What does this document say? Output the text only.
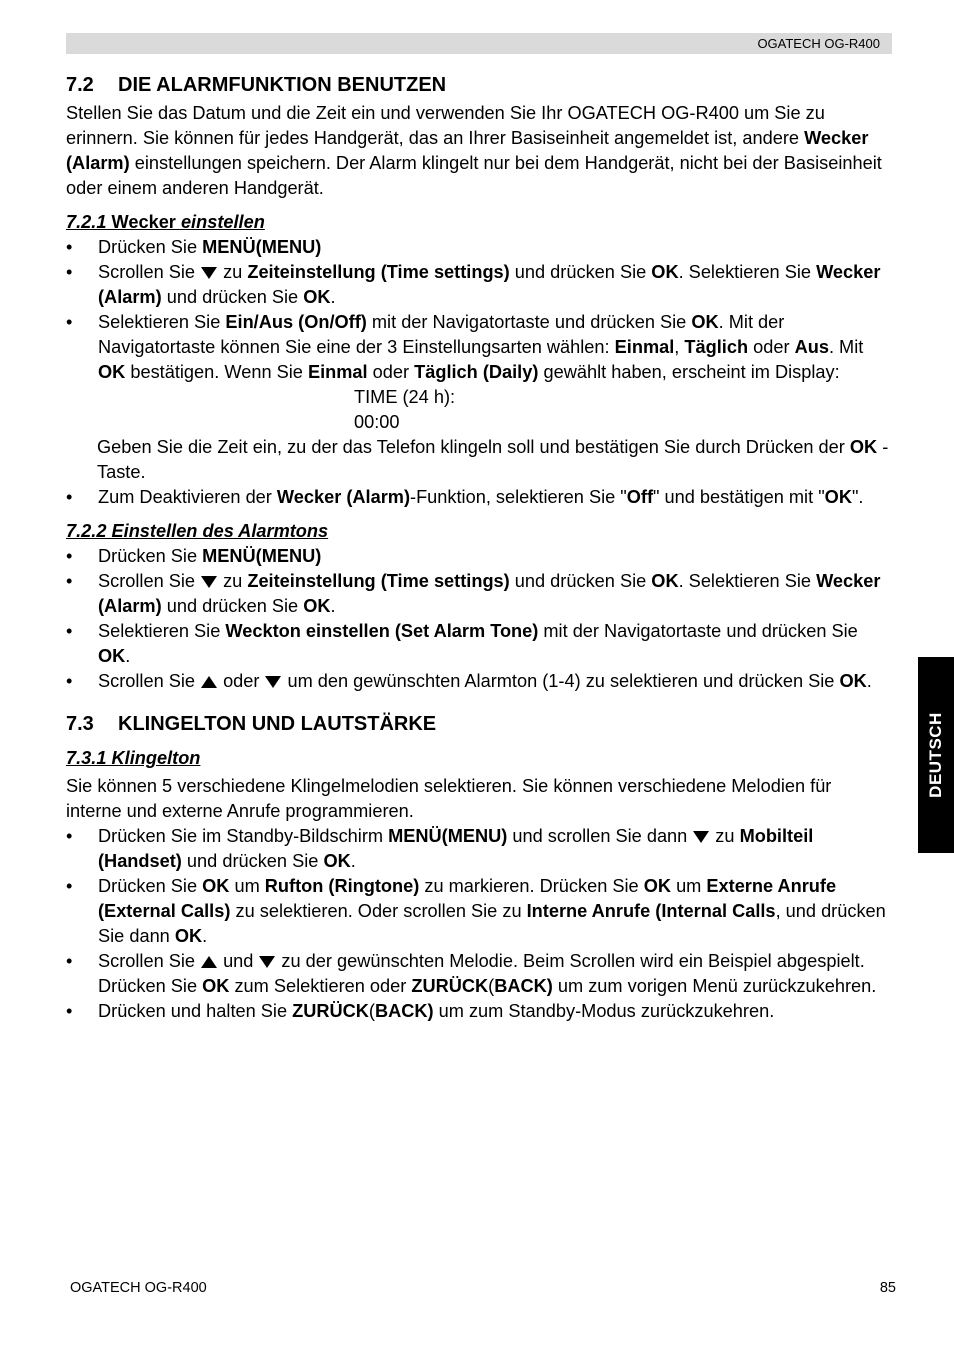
OGATECH OG-R400
DEUTSCH
7.2 DIE ALARMFUNKTION BENUTZEN

Stellen Sie das Datum und die Zeit ein und verwenden Sie Ihr OGATECH OG-R400 um Sie zu erinnern. Sie können für jedes Handgerät, das an Ihrer Basiseinheit angemeldet ist, andere Wecker (Alarm) einstellungen speichern. Der Alarm klingelt nur bei dem Handgerät, nicht bei der Basiseinheit oder einem anderen Handgerät.

7.2.1 Wecker einstellen
• Drücken Sie MENÜ(MENU)
• Scrollen Sie zu Zeiteinstellung (Time settings) und drücken Sie OK. Selektieren Sie Wecker (Alarm) und drücken Sie OK.
• Selektieren Sie Ein/Aus (On/Off) mit der Navigatortaste und drücken Sie OK. Mit der Navigatortaste können Sie eine der 3 Einstellungsarten wählen: Einmal, Täglich oder Aus. Mit OK bestätigen. Wenn Sie Einmal oder Täglich (Daily) gewählt haben, erscheint im Display:
TIME (24 h):
00:00

Geben Sie die Zeit ein, zu der das Telefon klingeln soll und bestätigen Sie durch Drücken der OK -Taste.

• Zum Deaktivieren der Wecker (Alarm)-Funktion, selektieren Sie "Off" und bestätigen mit "OK".
7.2.2 Einstellen des Alarmtons
• Drücken Sie MENÜ(MENU)
• Scrollen Sie zu Zeiteinstellung (Time settings) und drücken Sie OK. Selektieren Sie Wecker (Alarm) und drücken Sie OK.
• Selektieren Sie Weckton einstellen (Set Alarm Tone) mit der Navigatortaste und drücken Sie OK.
• Scrollen Sie oder um den gewünschten Alarmton (1-4) zu selektieren und drücken Sie OK.
7.3 KLINGELTON UND LAUTSTÄRKE
7.3.1 Klingelton

Sie können 5 verschiedene Klingelmelodien selektieren. Sie können verschiedene Melodien für interne und externe Anrufe programmieren.

• Drücken Sie im Standby-Bildschirm MENÜ(MENU) und scrollen Sie dann zu Mobilteil (Handset) und drücken Sie OK.
• Drücken Sie OK um Rufton (Ringtone) zu markieren. Drücken Sie OK um Externe Anrufe (External Calls) zu selektieren. Oder scrollen Sie zu Interne Anrufe (Internal Calls, und drücken Sie dann OK.
• Scrollen Sie und zu der gewünschten Melodie. Beim Scrollen wird ein Beispiel abgespielt. Drücken Sie OK zum Selektieren oder ZURÜCK(BACK) um zum vorigen Menü zurückzukehren.
• Drücken und halten Sie ZURÜCK(BACK) um zum Standby-Modus zurückzukehren.
OGATECH OG-R400	85
